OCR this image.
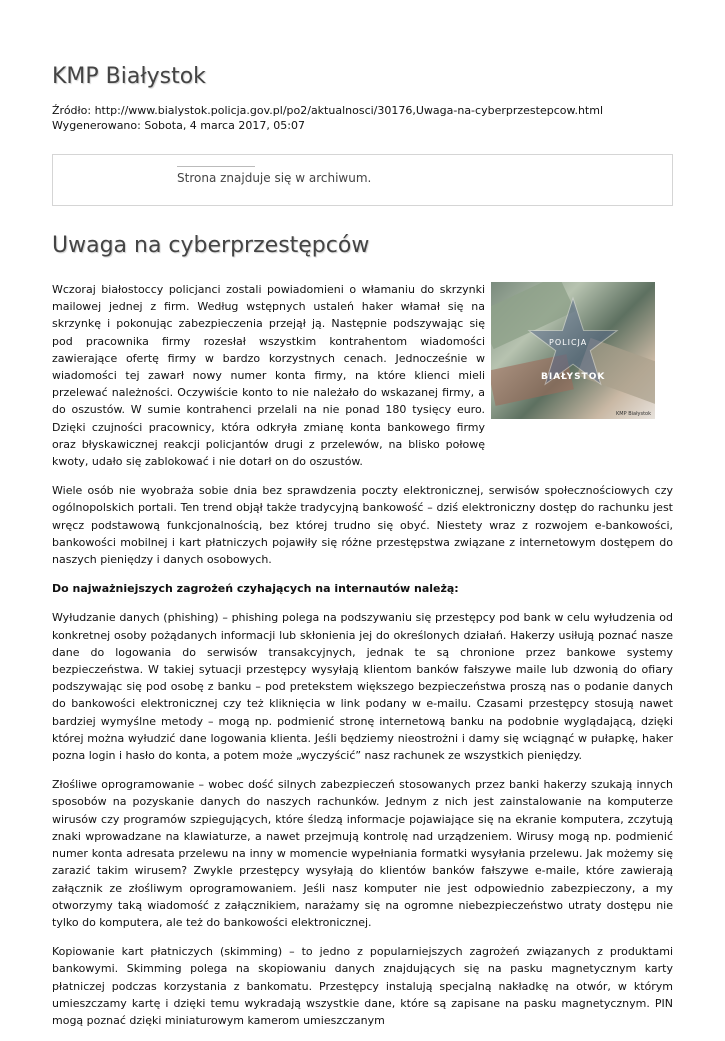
KMP Białystok
Źródło: http://www.bialystok.policja.gov.pl/po2/aktualnosci/30176,Uwaga-na-cyberprzestepcow.html
Wygenerowano: Sobota, 4 marca 2017, 05:07
Strona znajduje się w archiwum.
Uwaga na cyberprzestępców
POLICJA
BIAŁYSTOK
KMP Białystok

Wczoraj białostoccy policjanci zostali powiadomieni o włamaniu do skrzynki mailowej jednej z firm. Według wstępnych ustaleń haker włamał się na skrzynkę i pokonując zabezpieczenia przejął ją. Następnie podszywając się pod pracownika firmy rozesłał wszystkim kontrahentom wiadomości zawierające ofertę firmy w bardzo korzystnych cenach. Jednocześnie w wiadomości tej zawarł nowy numer konta firmy, na które klienci mieli przelewać należności. Oczywiście konto to nie należało do wskazanej firmy, a do oszustów. W sumie kontrahenci przelali na nie ponad 180 tysięcy euro. Dzięki czujności pracownicy, która odkryła zmianę konta bankowego firmy oraz błyskawicznej reakcji policjantów drugi z przelewów, na blisko połowę kwoty, udało się zablokować i nie dotarł on do oszustów.

Wiele osób nie wyobraża sobie dnia bez sprawdzenia poczty elektronicznej, serwisów społecznościowych czy ogólnopolskich portali. Ten trend objął także tradycyjną bankowość – dziś elektroniczny dostęp do rachunku jest wręcz podstawową funkcjonalnością, bez której trudno się obyć. Niestety wraz z rozwojem e-bankowości, bankowości mobilnej i kart płatniczych pojawiły się różne przestępstwa związane z internetowym dostępem do naszych pieniędzy i danych osobowych.

Do najważniejszych zagrożeń czyhających na internautów należą:

Wyłudzanie danych (phishing) – phishing polega na podszywaniu się przestępcy pod bank w celu wyłudzenia od konkretnej osoby pożądanych informacji lub skłonienia jej do określonych działań. Hakerzy usiłują poznać nasze dane do logowania do serwisów transakcyjnych, jednak te są chronione przez bankowe systemy bezpieczeństwa. W takiej sytuacji przestępcy wysyłają klientom banków fałszywe maile lub dzwonią do ofiary podszywając się pod osobę z banku – pod pretekstem większego bezpieczeństwa proszą nas o podanie danych do bankowości elektronicznej czy też kliknięcia w link podany w e-mailu. Czasami przestępcy stosują nawet bardziej wymyślne metody – mogą np. podmienić stronę internetową banku na podobnie wyglądającą, dzięki której można wyłudzić dane logowania klienta. Jeśli będziemy nieostrożni i damy się wciągnąć w pułapkę, haker pozna login i hasło do konta, a potem może „wyczyścić” nasz rachunek ze wszystkich pieniędzy.

Złośliwe oprogramowanie – wobec dość silnych zabezpieczeń stosowanych przez banki hakerzy szukają innych sposobów na pozyskanie danych do naszych rachunków. Jednym z nich jest zainstalowanie na komputerze wirusów czy programów szpiegujących, które śledzą informacje pojawiające się na ekranie komputera, zczytują znaki wprowadzane na klawiaturze, a nawet przejmują kontrolę nad urządzeniem. Wirusy mogą np. podmienić numer konta adresata przelewu na inny w momencie wypełniania formatki wysyłania przelewu. Jak możemy się zarazić takim wirusem? Zwykle przestępcy wysyłają do klientów banków fałszywe e-maile, które zawierają załącznik ze złośliwym oprogramowaniem. Jeśli nasz komputer nie jest odpowiednio zabezpieczony, a my otworzymy taką wiadomość z załącznikiem, narażamy się na ogromne niebezpieczeństwo utraty dostępu nie tylko do komputera, ale też do bankowości elektronicznej.

Kopiowanie kart płatniczych (skimming) – to jedno z popularniejszych zagrożeń związanych z produktami bankowymi. Skimming polega na skopiowaniu danych znajdujących się na pasku magnetycznym karty płatniczej podczas korzystania z bankomatu. Przestępcy instalują specjalną nakładkę na otwór, w którym umieszczamy kartę i dzięki temu wykradają wszystkie dane, które są zapisane na pasku magnetycznym. PIN mogą poznać dzięki miniaturowym kamerom umieszczanym
